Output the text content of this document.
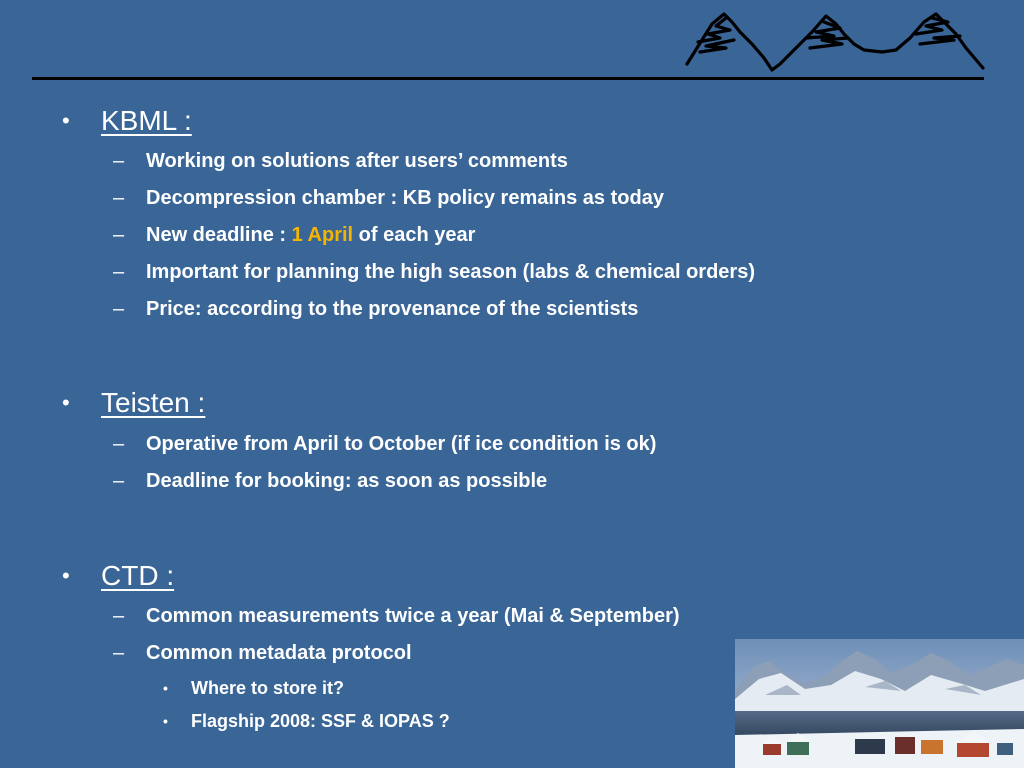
• KBML :
– Working on solutions after users’ comments
– Decompression chamber : KB policy remains as today
– New deadline : 1 April of each year
– Important for planning the high season (labs & chemical orders)
– Price: according to the provenance of the scientists
• Teisten :
– Operative from April to October (if ice condition is ok)
– Deadline for booking: as soon as possible
• CTD :
– Common measurements twice a year (Mai & September)
– Common metadata protocol
• Where to store it?
• Flagship 2008: SSF & IOPAS ?
